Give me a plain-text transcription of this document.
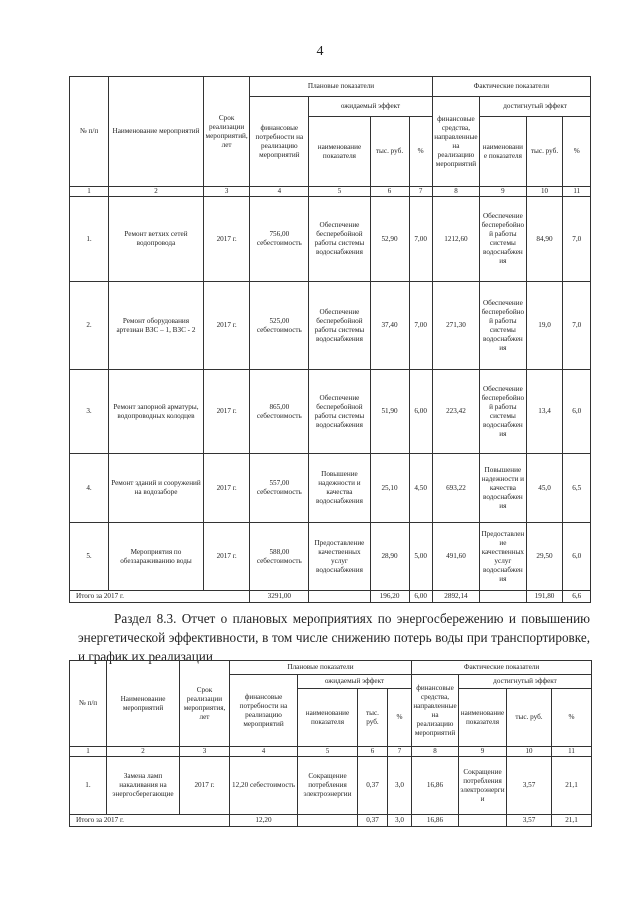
4
№ п/п	Наименование мероприятий	Срок реализации мероприятий, лет	Плановые показатели				Фактические показатели			
			финансовые потребности на реализацию мероприятий	ожидаемый эффект			финансовые средства, направленные на реализацию мероприятий	достигнутый эффект		
				наименование показателя	тыс. руб.	%		наименование показателя	тыс. руб.	%
1	2	3	4	5	6	7	8	9	10	11
1.	Ремонт ветхих сетей водопровода	2017 г.	756,00 себестоимость	Обеспечение бесперебойной работы системы водоснабжения	52,90	7,00	1212,60	Обеспечение бесперебойной работы системы водоснабжения	84,90	7,0
2.	Ремонт оборудования артезиан ВЗС – 1, ВЗС - 2	2017 г.	525,00 себестоимость	Обеспечение бесперебойной работы системы водоснабжения	37,40	7,00	271,30	Обеспечение бесперебойной работы системы водоснабжения	19,0	7,0
3.	Ремонт запорной арматуры, водопроводных колодцев	2017 г.	865,00 себестоимость	Обеспечение бесперебойной работы системы водоснабжения	51,90	6,00	223,42	Обеспечение бесперебойной работы системы водоснабжения	13,4	6,0
4.	Ремонт зданий и сооружений на водозаборе	2017 г.	557,00 себестоимость	Повышение надежности и качества водоснабжения	25,10	4,50	693,22	Повышение надежности и качества водоснабжения	45,0	6,5
5.	Мероприятия по обеззараживанию воды	2017 г.	588,00 себестоимость	Предоставление качественных услуг водоснабжения	28,90	5,00	491,60	Предоставление качественных услуг водоснабжения	29,50	6,0
Итого за 2017 г.			3291,00		196,20	6,00	2892,14		191,80	6,6
Раздел 8.3. Отчет о плановых мероприятиях по энергосбережению и повышению энергетической эффективности, в том числе снижению потерь воды при транспортировке, и график их реализации
№ п/п	Наименование мероприятий	Срок реализации мероприятия, лет	Плановые показатели				Фактические показатели			
			финансовые потребности на реализацию мероприятий	ожидаемый эффект			финансовые средства, направленные на реализацию мероприятий	достигнутый эффект		
				наименование показателя	тыс. руб.	%		наименование показателя	тыс. руб.	%
1	2	3	4	5	6	7	8	9	10	11
1.	Замена ламп накаливания на энергосберегающие	2017 г.	12,20 себестоимость	Сокращение потребления электроэнергии	0,37	3,0	16,86	Сокращение потребления электроэнергии	3,57	21,1
Итого за 2017 г.			12,20		0,37	3,0	16,86		3,57	21,1
